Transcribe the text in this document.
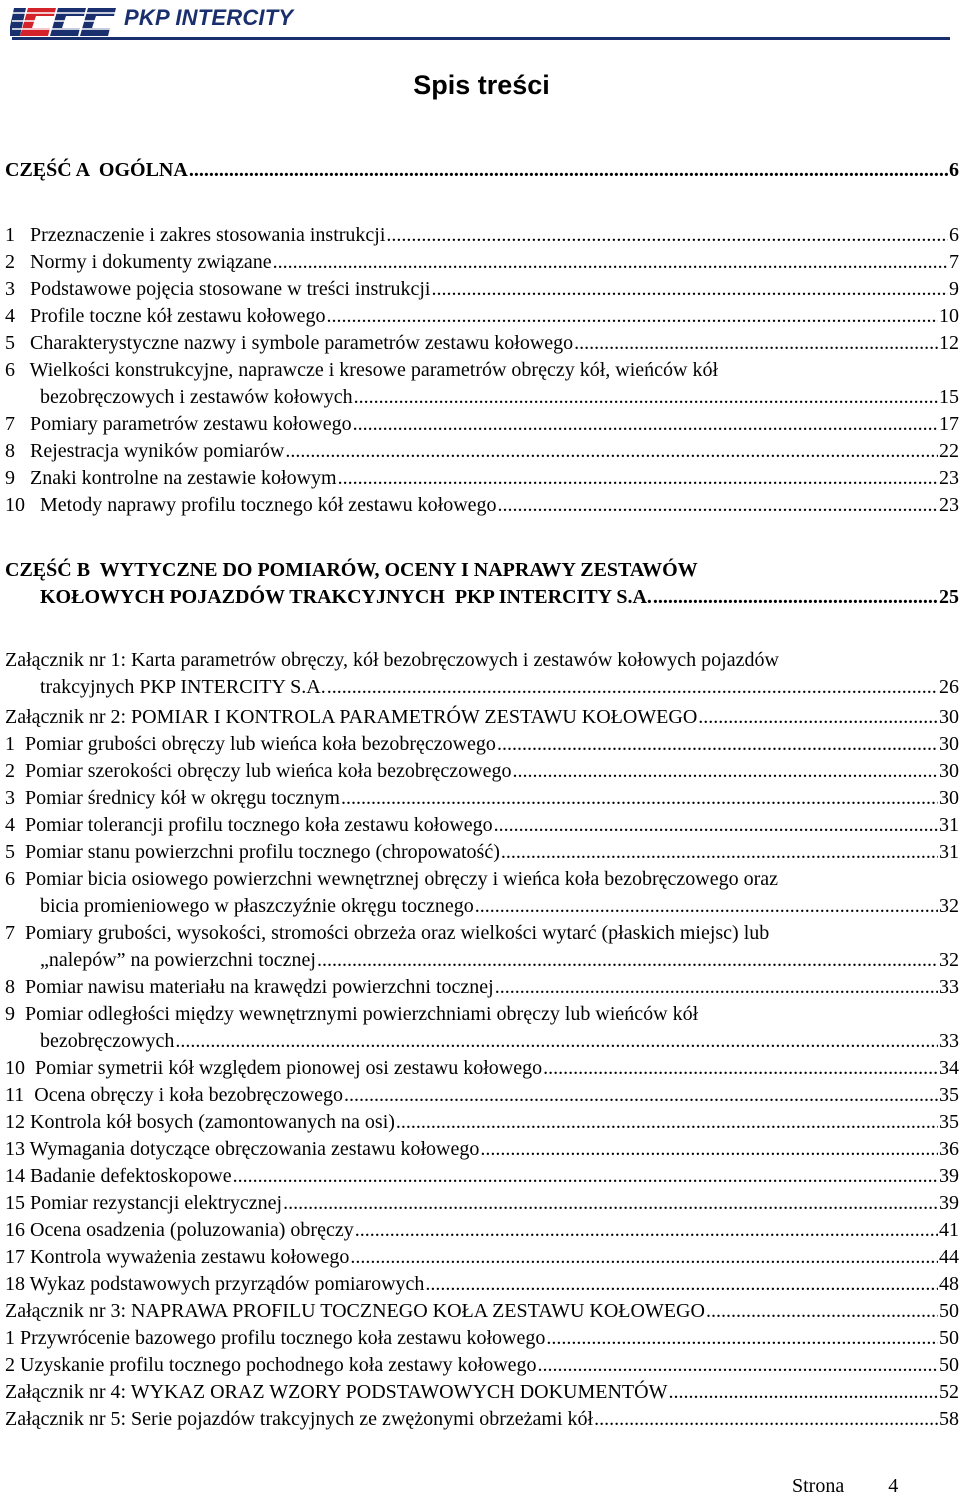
PKP INTERCITY
Spis treści
CZĘŚĆ A  OGÓLNA .....	6
1   Przeznaczenie i zakres stosowania instrukcji .....	6
2   Normy i dokumenty związane .....	7
3   Podstawowe pojęcia stosowane w treści instrukcji .....	9
4   Profile toczne kół zestawu kołowego .....	10
5   Charakterystyczne nazwy i symbole parametrów zestawu kołowego .....	12
6   Wielkości konstrukcyjne, naprawcze i kresowe parametrów obręczy kół, wieńców kół
bezobręczowych i zestawów kołowych .....	15
7   Pomiary parametrów zestawu kołowego .....	17
8   Rejestracja wyników pomiarów .....	22
9   Znaki kontrolne na zestawie kołowym .....	23
10   Metody naprawy profilu tocznego kół zestawu kołowego .....	23
CZĘŚĆ B  WYTYCZNE DO POMIARÓW, OCENY I NAPRAWY ZESTAWÓW
KOŁOWYCH POJAZDÓW TRAKCYJNYCH  PKP INTERCITY S.A. .....	25
Załącznik nr 1: Karta parametrów obręczy, kół bezobręczowych i zestawów kołowych pojazdów
trakcyjnych PKP INTERCITY S.A. .....	26
Załącznik nr 2: POMIAR I KONTROLA PARAMETRÓW ZESTAWU KOŁOWEGO .....	30
1  Pomiar grubości obręczy lub wieńca koła bezobręczowego .....	30
2  Pomiar szerokości obręczy lub wieńca koła bezobręczowego .....	30
3  Pomiar średnicy kół w okręgu tocznym .....	30
4  Pomiar tolerancji profilu tocznego koła zestawu kołowego .....	31
5  Pomiar stanu powierzchni profilu tocznego (chropowatość) .....	31
6  Pomiar bicia osiowego powierzchni wewnętrznej obręczy i wieńca koła bezobręczowego oraz
bicia promieniowego w płaszczyźnie okręgu tocznego .....	32
7  Pomiary grubości, wysokości, stromości obrzeża oraz wielkości wytarć (płaskich miejsc) lub
„nalepów” na powierzchni tocznej .....	32
8  Pomiar nawisu materiału na krawędzi powierzchni tocznej .....	33
9  Pomiar odległości między wewnętrznymi powierzchniami obręczy lub wieńców kół
bezobręczowych .....	33
10  Pomiar symetrii kół względem pionowej osi zestawu kołowego .....	34
11  Ocena obręczy i koła bezobręczowego .....	35
12 Kontrola kół bosych (zamontowanych na osi) .....	35
13 Wymagania dotyczące obręczowania zestawu kołowego .....	36
14 Badanie defektoskopowe .....	39
15 Pomiar rezystancji elektrycznej .....	39
16 Ocena osadzenia (poluzowania) obręczy .....	41
17 Kontrola wyważenia zestawu kołowego .....	44
18 Wykaz podstawowych przyrządów pomiarowych .....	48
Załącznik nr 3: NAPRAWA PROFILU TOCZNEGO KOŁA ZESTAWU KOŁOWEGO .....	50
1 Przywrócenie bazowego profilu tocznego koła zestawu kołowego .....	50
2 Uzyskanie profilu tocznego pochodnego koła zestawy kołowego .....	50
Załącznik nr 4: WYKAZ ORAZ WZORY PODSTAWOWYCH DOKUMENTÓW .....	52
Załącznik nr 5: Serie pojazdów trakcyjnych ze zwężonymi obrzeżami kół .....	58
Strona 4
